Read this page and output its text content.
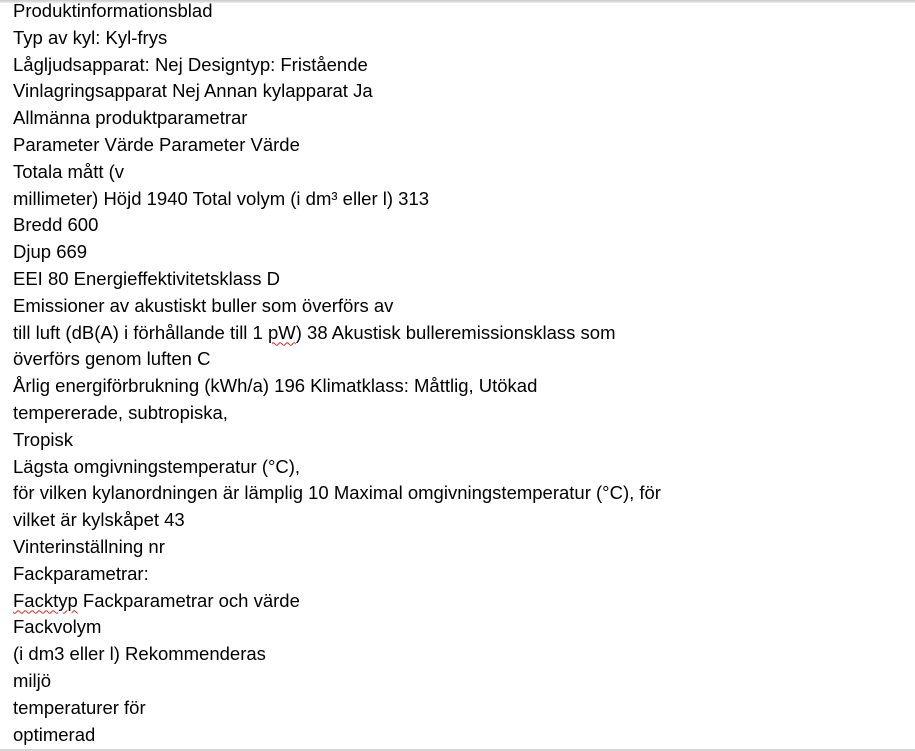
Produktinformationsblad
Typ av kyl: Kyl-frys
Lågljudsapparat: Nej Designtyp: Fristående
Vinlagringsapparat Nej Annan kylapparat Ja
Allmänna produktparametrar
Parameter Värde Parameter Värde
Totala mått (v
millimeter) Höjd 1940 Total volym (i dm³ eller l) 313
Bredd 600
Djup 669
EEI 80 Energieffektivitetsklass D
Emissioner av akustiskt buller som överförs av
till luft (dB(A) i förhållande till 1 pW) 38 Akustisk bulleremissionsklass som
överförs genom luften C
Årlig energiförbrukning (kWh/a) 196 Klimatklass: Måttlig, Utökad
tempererade, subtropiska,
Tropisk
Lägsta omgivningstemperatur (°C),
för vilken kylanordningen är lämplig 10 Maximal omgivningstemperatur (°C), för
vilket är kylskåpet 43
Vinterinställning nr
Fackparametrar:
Facktyp Fackparametrar och värde
Fackvolym
(i dm3 eller l) Rekommenderas
miljö
temperaturer för
optimerad
